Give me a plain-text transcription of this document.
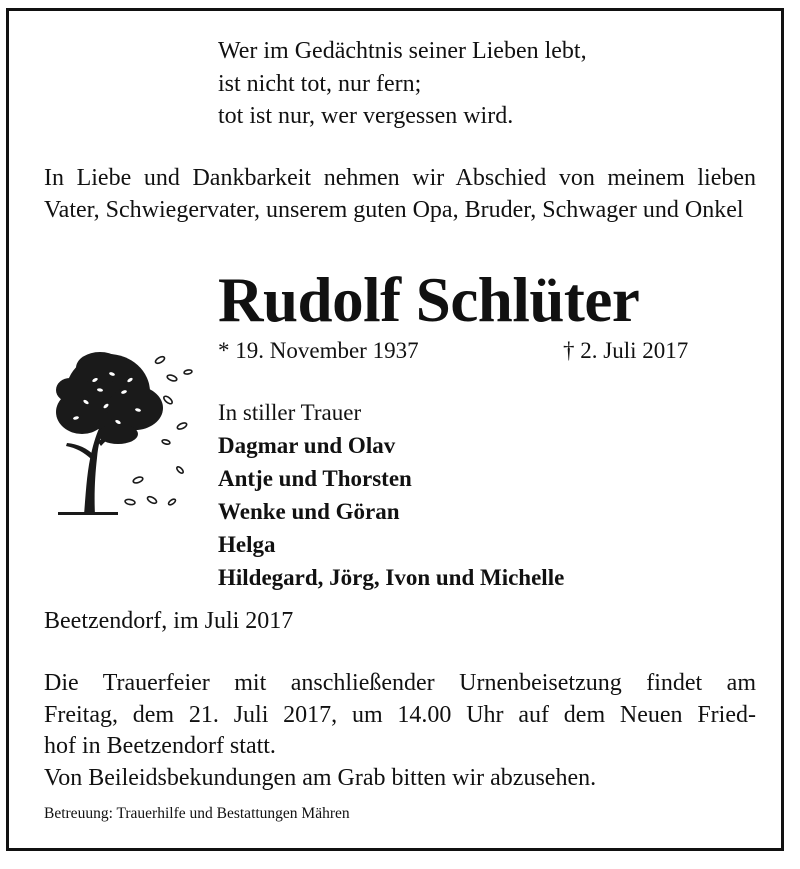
Wer im Gedächtnis seiner Lieben lebt,
ist nicht tot, nur fern;
tot ist nur, wer vergessen wird.
In Liebe und Dankbarkeit nehmen wir Abschied von meinem lieben Vater, Schwiegervater, unserem guten Opa, Bruder, Schwager und Onkel
Rudolf Schlüter
* 19. November 1937	† 2. Juli 2017
In stiller Trauer
Dagmar und Olav
Antje und Thorsten
Wenke und Göran
Helga
Hildegard, Jörg, Ivon und Michelle
Beetzendorf, im Juli 2017
Die Trauerfeier mit anschließender Urnenbeisetzung findet am
Freitag, dem 21. Juli 2017, um 14.00 Uhr auf dem Neuen Fried-
hof in Beetzendorf statt.
Von Beileidsbekundungen am Grab bitten wir abzusehen.
Betreuung: Trauerhilfe und Bestattungen Mähren
